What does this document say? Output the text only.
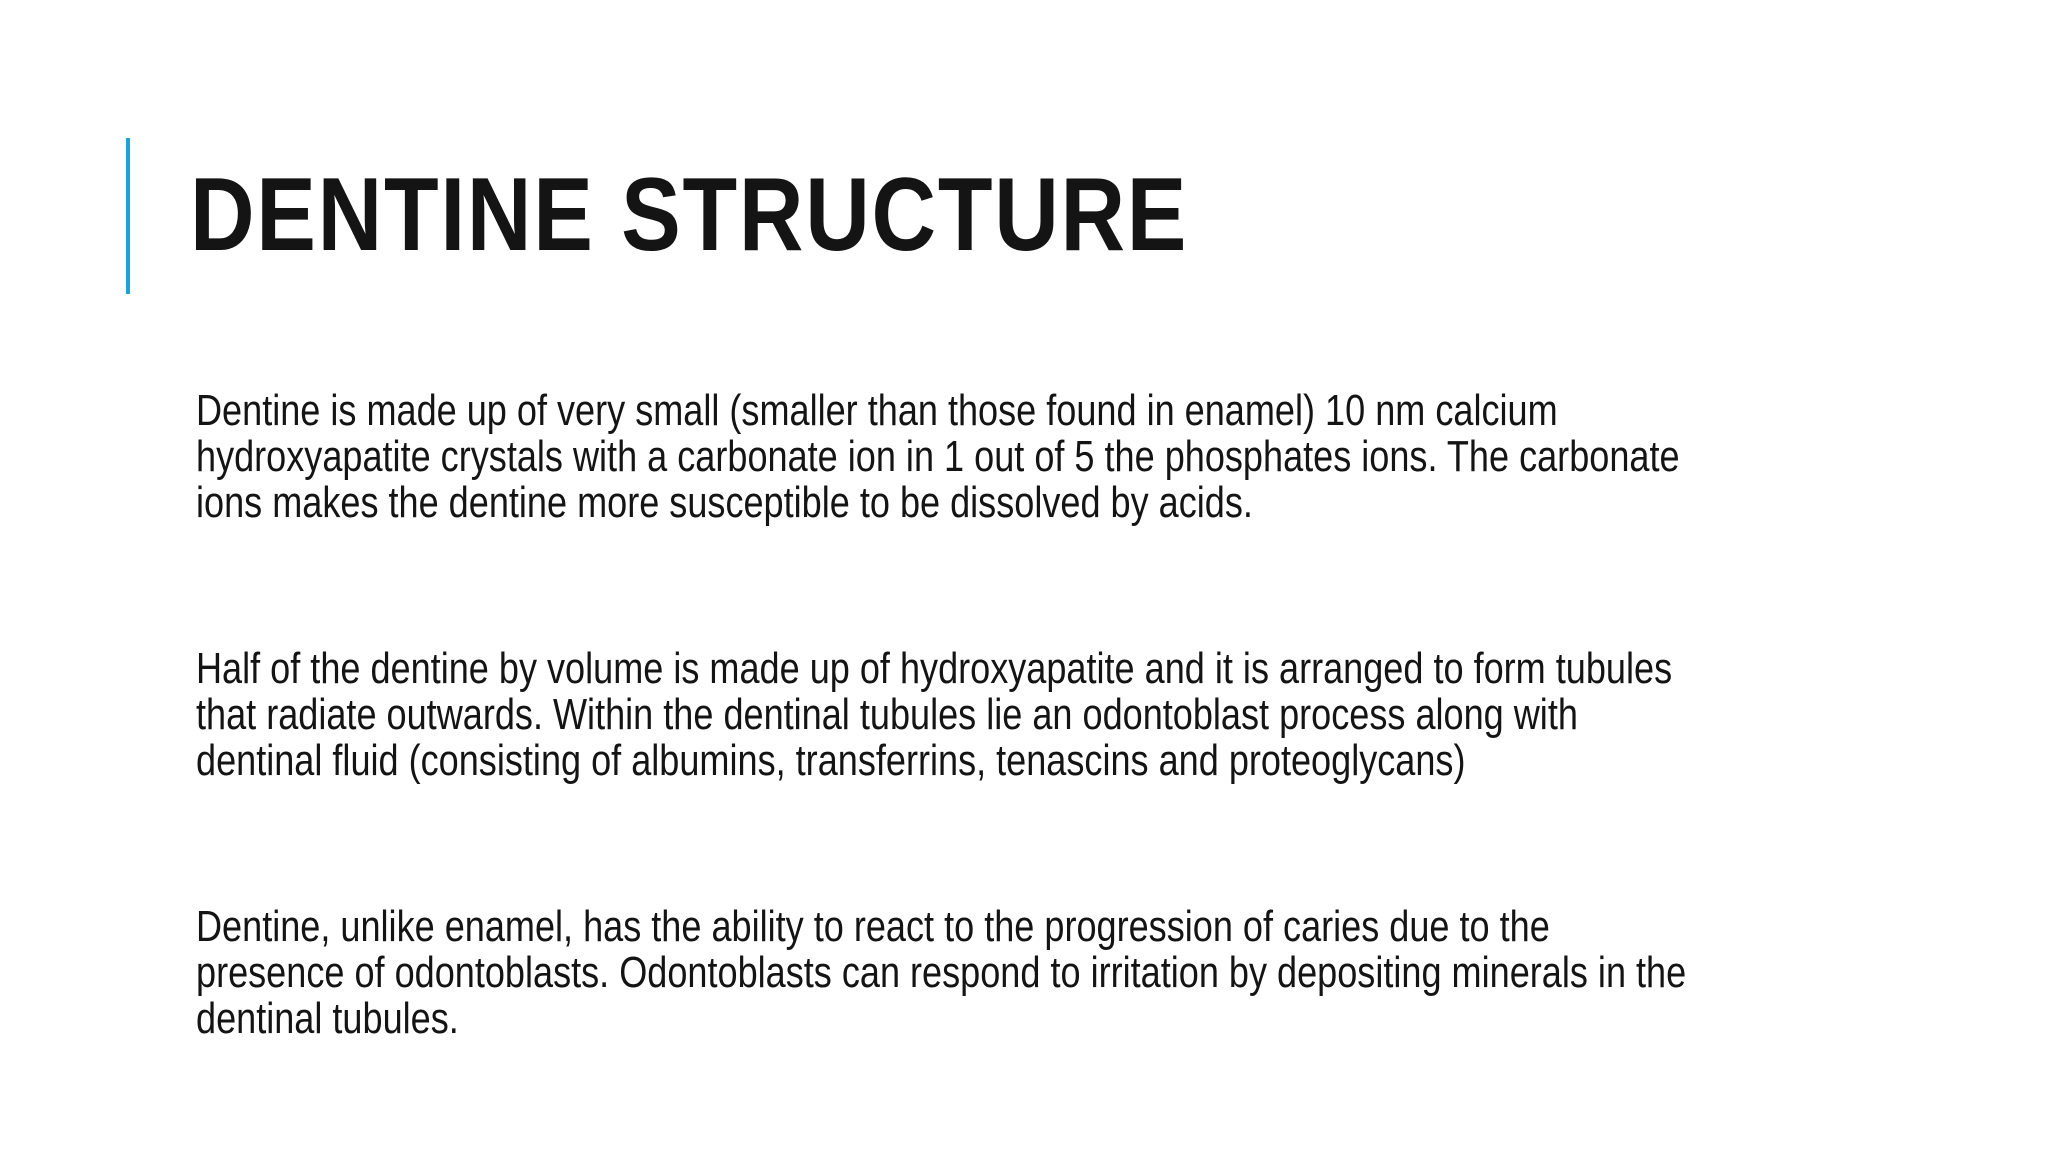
DENTINE STRUCTURE

Dentine is made up of very small (smaller than those found in enamel) 10 nm calcium
hydroxyapatite crystals with a carbonate ion in 1 out of 5 the phosphates ions. The carbonate
ions makes the dentine more susceptible to be dissolved by acids.

Half of the dentine by volume is made up of hydroxyapatite and it is arranged to form tubules
that radiate outwards. Within the dentinal tubules lie an odontoblast process along with
dentinal fluid (consisting of albumins, transferrins, tenascins and proteoglycans)

Dentine, unlike enamel, has the ability to react to the progression of caries due to the
presence of odontoblasts. Odontoblasts can respond to irritation by depositing minerals in the
dentinal tubules.
